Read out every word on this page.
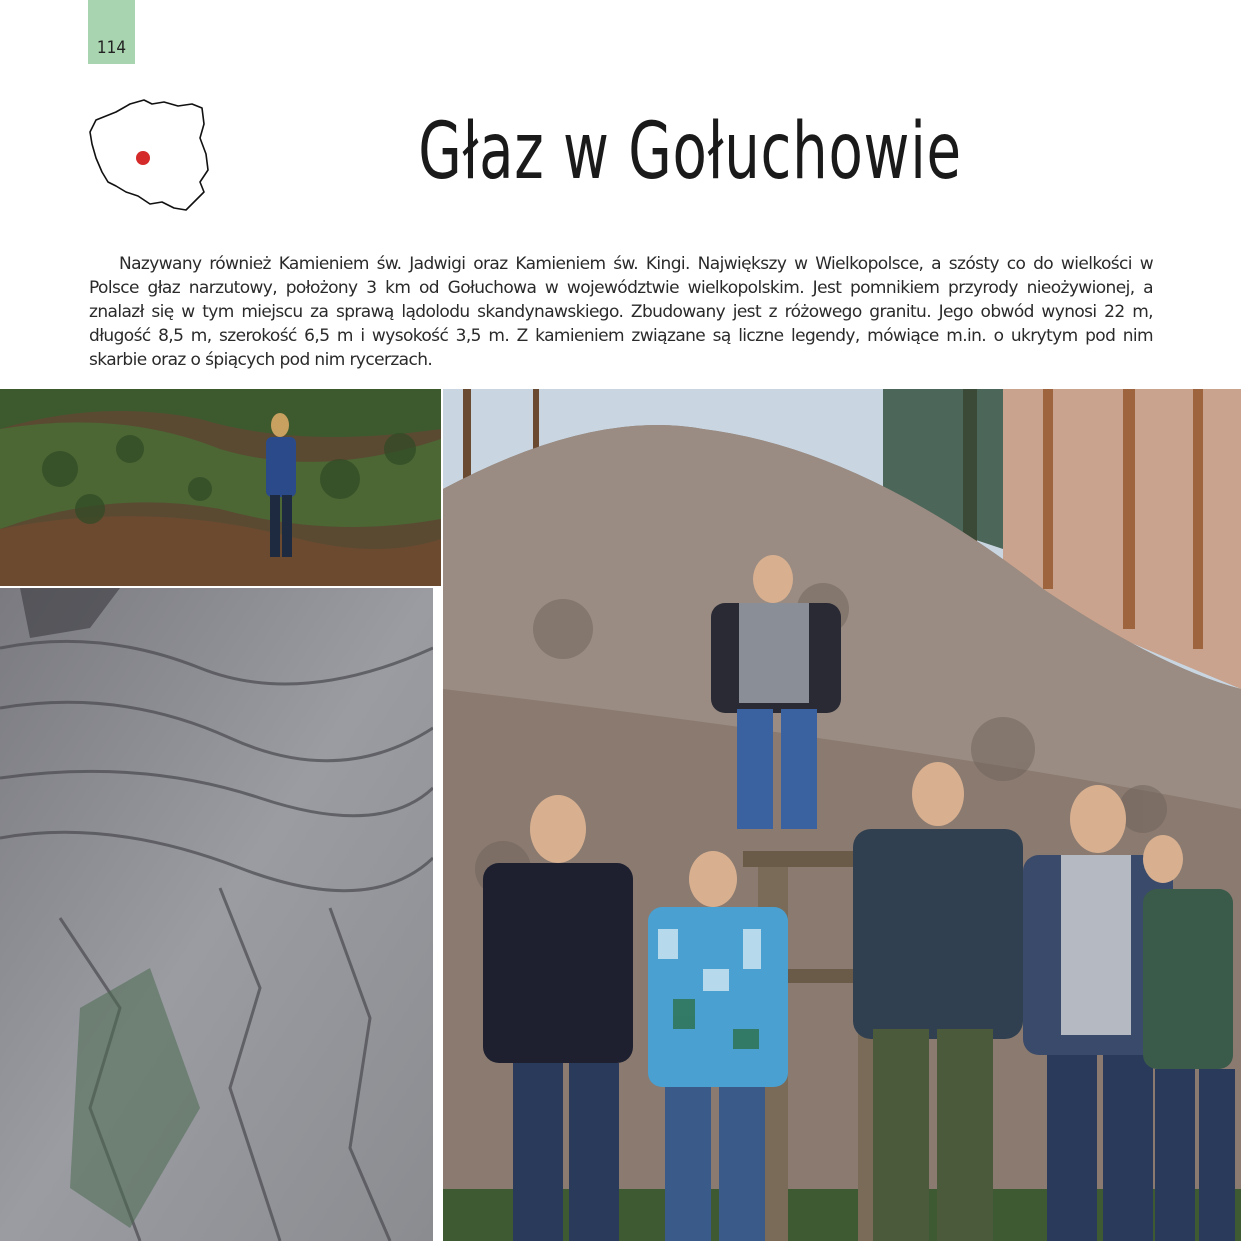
114
Głaz w Gołuchowie

Nazywany również Kamieniem św. Jadwigi oraz Kamieniem św. Kingi. Największy w Wielkopolsce, a szósty co do wielkości w Polsce głaz narzutowy, położony 3 km od Gołuchowa w województwie wielkopolskim. Jest pomnikiem przyrody nieożywionej, a znalazł się w tym miejscu za sprawą lądolodu skandynawskiego. Zbudowany jest z różowego granitu. Jego obwód wynosi 22 m, długość 8,5 m, szerokość 6,5 m i wysokość 3,5 m. Z kamieniem związane są liczne legendy, mówiące m.in. o ukrytym pod nim skarbie oraz o śpiących pod nim rycerzach.
